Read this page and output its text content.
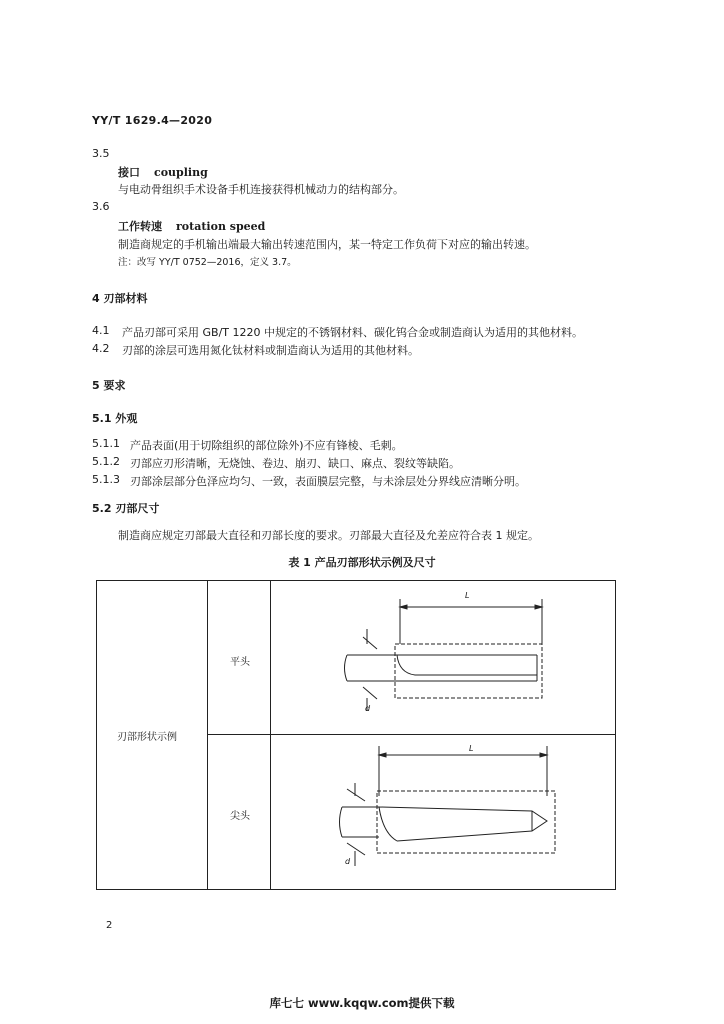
YY/T 1629.4—2020
3.5
接口 coupling
与电动骨组织手术设备手机连接获得机械动力的结构部分。
3.6
工作转速 rotation speed
制造商规定的手机输出端最大输出转速范围内，某一特定工作负荷下对应的输出转速。
注：改写 YY/T 0752—2016，定义 3.7。
4 刃部材料
4.1 产品刃部可采用 GB/T 1220 中规定的不锈钢材料、碳化钨合金或制造商认为适用的其他材料。
4.2 刃部的涂层可选用氮化钛材料或制造商认为适用的其他材料。
5 要求
5.1 外观
5.1.1 产品表面(用于切除组织的部位除外)不应有锋棱、毛刺。
5.1.2 刃部应刃形清晰，无烧蚀、卷边、崩刃、缺口、麻点、裂纹等缺陷。
5.1.3 刃部涂层部分色泽应均匀、一致，表面膜层完整，与未涂层处分界线应清晰分明。
5.2 刃部尺寸
制造商应规定刃部最大直径和刃部长度的要求。刃部最大直径及允差应符合表 1 规定。
表 1 产品刃部形状示例及尺寸
刃部形状示例
平头
尖头
L
d
L
d
2
库七七 www.kqqw.com提供下载
